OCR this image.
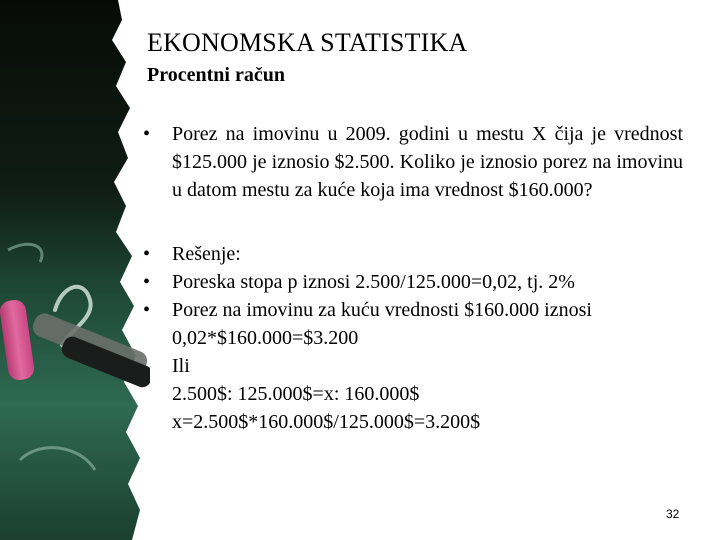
EKONOMSKA STATISTIKA
Procentni račun
•	Porez na imovinu u 2009. godini u mestu X čija je vrednost $125.000 je iznosio $2.500. Koliko je iznosio porez na imovinu u datom mestu za kuće koja ima vrednost $160.000?
•	Rešenje:
•	Poreska stopa p iznosi 2.500/125.000=0,02, tj. 2%
•	Porez na imovinu za kuću vrednosti $160.000 iznosi 0,02*$160.000=$3.200
Ili
2.500$: 125.000$=x: 160.000$
x=2.500$*160.000$/125.000$=3.200$
32
